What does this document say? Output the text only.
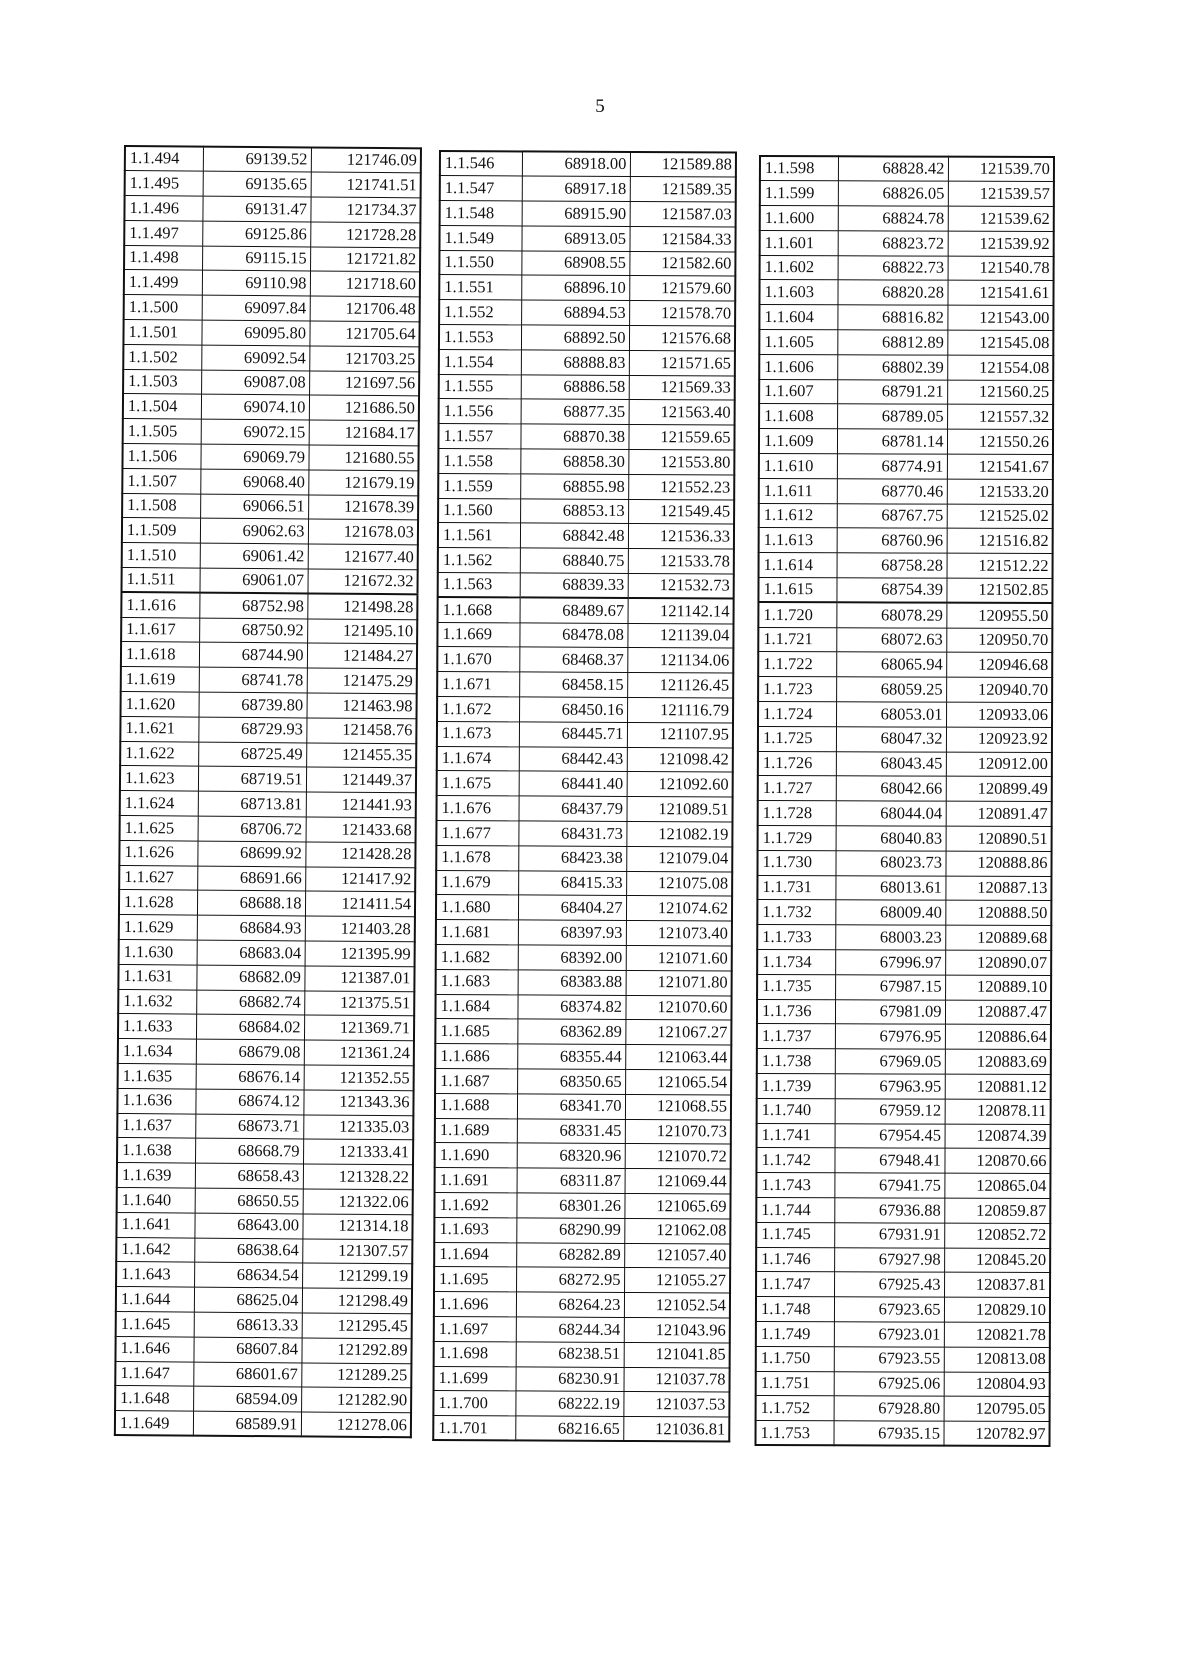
5
1.1.494	69139.52	121746.09
1.1.495	69135.65	121741.51
1.1.496	69131.47	121734.37
1.1.497	69125.86	121728.28
1.1.498	69115.15	121721.82
1.1.499	69110.98	121718.60
1.1.500	69097.84	121706.48
1.1.501	69095.80	121705.64
1.1.502	69092.54	121703.25
1.1.503	69087.08	121697.56
1.1.504	69074.10	121686.50
1.1.505	69072.15	121684.17
1.1.506	69069.79	121680.55
1.1.507	69068.40	121679.19
1.1.508	69066.51	121678.39
1.1.509	69062.63	121678.03
1.1.510	69061.42	121677.40
1.1.511	69061.07	121672.32
1.1.616	68752.98	121498.28
1.1.617	68750.92	121495.10
1.1.618	68744.90	121484.27
1.1.619	68741.78	121475.29
1.1.620	68739.80	121463.98
1.1.621	68729.93	121458.76
1.1.622	68725.49	121455.35
1.1.623	68719.51	121449.37
1.1.624	68713.81	121441.93
1.1.625	68706.72	121433.68
1.1.626	68699.92	121428.28
1.1.627	68691.66	121417.92
1.1.628	68688.18	121411.54
1.1.629	68684.93	121403.28
1.1.630	68683.04	121395.99
1.1.631	68682.09	121387.01
1.1.632	68682.74	121375.51
1.1.633	68684.02	121369.71
1.1.634	68679.08	121361.24
1.1.635	68676.14	121352.55
1.1.636	68674.12	121343.36
1.1.637	68673.71	121335.03
1.1.638	68668.79	121333.41
1.1.639	68658.43	121328.22
1.1.640	68650.55	121322.06
1.1.641	68643.00	121314.18
1.1.642	68638.64	121307.57
1.1.643	68634.54	121299.19
1.1.644	68625.04	121298.49
1.1.645	68613.33	121295.45
1.1.646	68607.84	121292.89
1.1.647	68601.67	121289.25
1.1.648	68594.09	121282.90
1.1.649	68589.91	121278.06
1.1.546	68918.00	121589.88
1.1.547	68917.18	121589.35
1.1.548	68915.90	121587.03
1.1.549	68913.05	121584.33
1.1.550	68908.55	121582.60
1.1.551	68896.10	121579.60
1.1.552	68894.53	121578.70
1.1.553	68892.50	121576.68
1.1.554	68888.83	121571.65
1.1.555	68886.58	121569.33
1.1.556	68877.35	121563.40
1.1.557	68870.38	121559.65
1.1.558	68858.30	121553.80
1.1.559	68855.98	121552.23
1.1.560	68853.13	121549.45
1.1.561	68842.48	121536.33
1.1.562	68840.75	121533.78
1.1.563	68839.33	121532.73
1.1.668	68489.67	121142.14
1.1.669	68478.08	121139.04
1.1.670	68468.37	121134.06
1.1.671	68458.15	121126.45
1.1.672	68450.16	121116.79
1.1.673	68445.71	121107.95
1.1.674	68442.43	121098.42
1.1.675	68441.40	121092.60
1.1.676	68437.79	121089.51
1.1.677	68431.73	121082.19
1.1.678	68423.38	121079.04
1.1.679	68415.33	121075.08
1.1.680	68404.27	121074.62
1.1.681	68397.93	121073.40
1.1.682	68392.00	121071.60
1.1.683	68383.88	121071.80
1.1.684	68374.82	121070.60
1.1.685	68362.89	121067.27
1.1.686	68355.44	121063.44
1.1.687	68350.65	121065.54
1.1.688	68341.70	121068.55
1.1.689	68331.45	121070.73
1.1.690	68320.96	121070.72
1.1.691	68311.87	121069.44
1.1.692	68301.26	121065.69
1.1.693	68290.99	121062.08
1.1.694	68282.89	121057.40
1.1.695	68272.95	121055.27
1.1.696	68264.23	121052.54
1.1.697	68244.34	121043.96
1.1.698	68238.51	121041.85
1.1.699	68230.91	121037.78
1.1.700	68222.19	121037.53
1.1.701	68216.65	121036.81
1.1.598	68828.42	121539.70
1.1.599	68826.05	121539.57
1.1.600	68824.78	121539.62
1.1.601	68823.72	121539.92
1.1.602	68822.73	121540.78
1.1.603	68820.28	121541.61
1.1.604	68816.82	121543.00
1.1.605	68812.89	121545.08
1.1.606	68802.39	121554.08
1.1.607	68791.21	121560.25
1.1.608	68789.05	121557.32
1.1.609	68781.14	121550.26
1.1.610	68774.91	121541.67
1.1.611	68770.46	121533.20
1.1.612	68767.75	121525.02
1.1.613	68760.96	121516.82
1.1.614	68758.28	121512.22
1.1.615	68754.39	121502.85
1.1.720	68078.29	120955.50
1.1.721	68072.63	120950.70
1.1.722	68065.94	120946.68
1.1.723	68059.25	120940.70
1.1.724	68053.01	120933.06
1.1.725	68047.32	120923.92
1.1.726	68043.45	120912.00
1.1.727	68042.66	120899.49
1.1.728	68044.04	120891.47
1.1.729	68040.83	120890.51
1.1.730	68023.73	120888.86
1.1.731	68013.61	120887.13
1.1.732	68009.40	120888.50
1.1.733	68003.23	120889.68
1.1.734	67996.97	120890.07
1.1.735	67987.15	120889.10
1.1.736	67981.09	120887.47
1.1.737	67976.95	120886.64
1.1.738	67969.05	120883.69
1.1.739	67963.95	120881.12
1.1.740	67959.12	120878.11
1.1.741	67954.45	120874.39
1.1.742	67948.41	120870.66
1.1.743	67941.75	120865.04
1.1.744	67936.88	120859.87
1.1.745	67931.91	120852.72
1.1.746	67927.98	120845.20
1.1.747	67925.43	120837.81
1.1.748	67923.65	120829.10
1.1.749	67923.01	120821.78
1.1.750	67923.55	120813.08
1.1.751	67925.06	120804.93
1.1.752	67928.80	120795.05
1.1.753	67935.15	120782.97
